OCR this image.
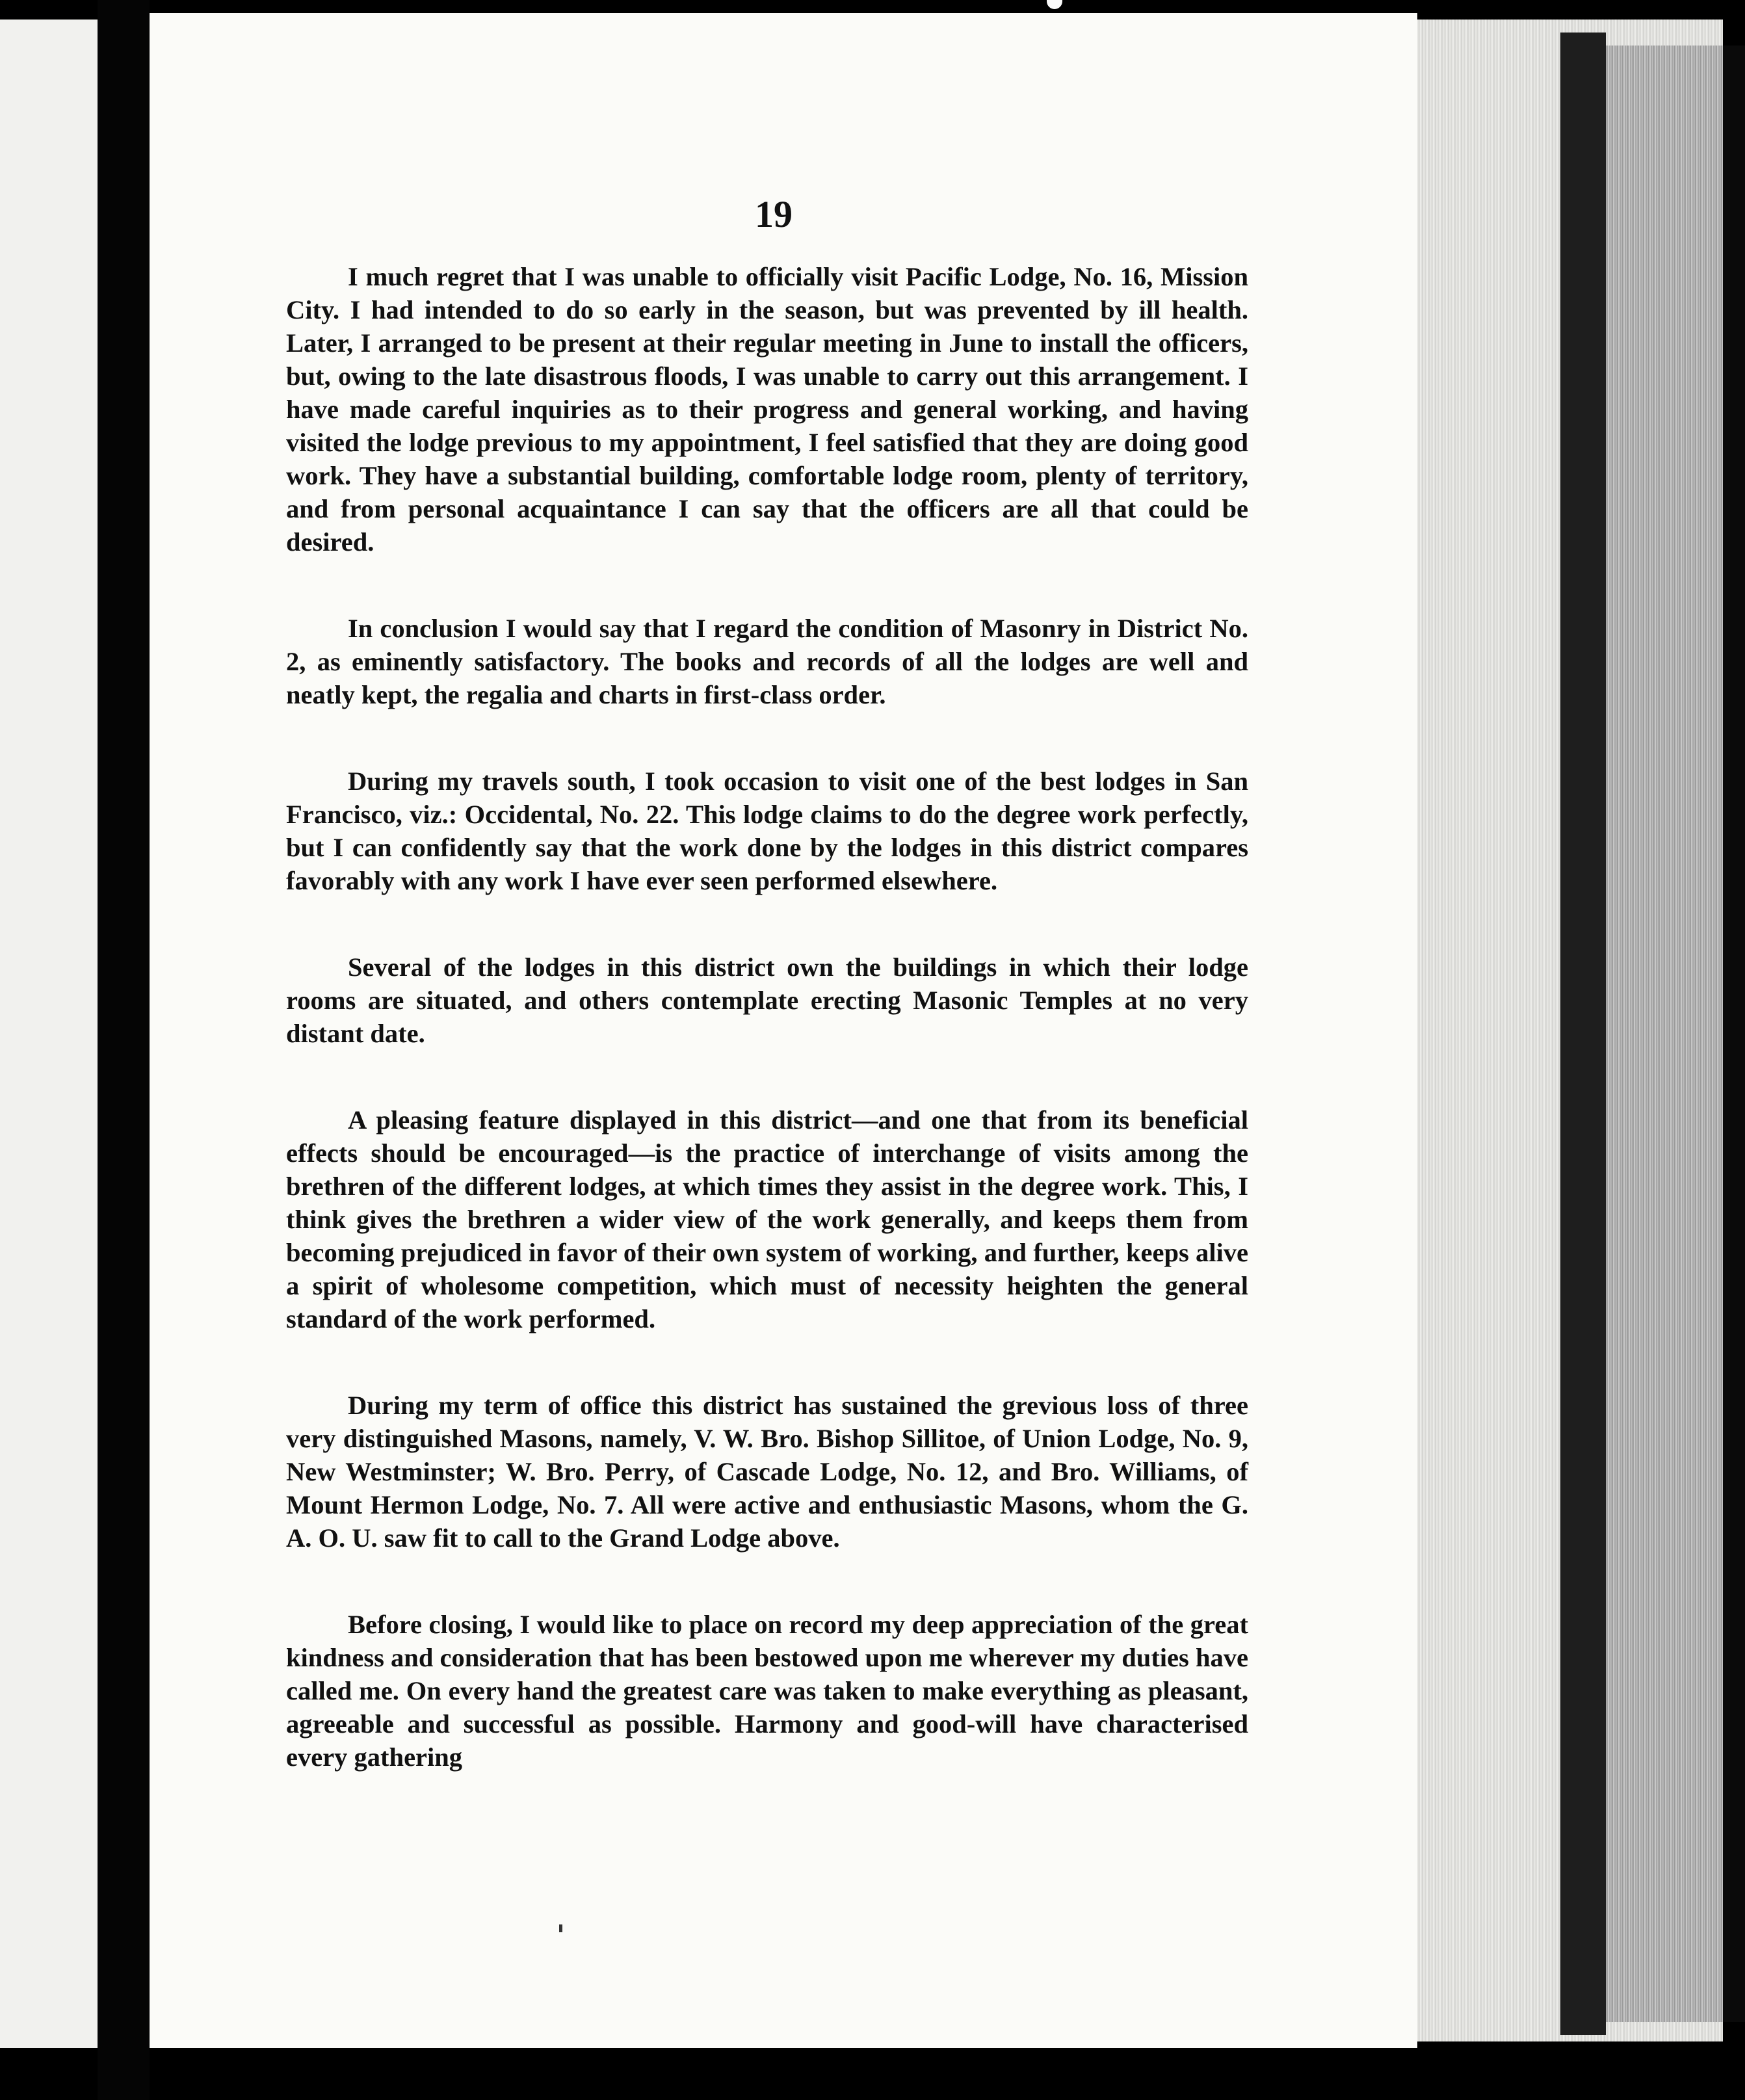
19

I much regret that I was unable to officially visit Pacific Lodge, No. 16, Mission City. I had intended to do so early in the season, but was prevented by ill health. Later, I arranged to be present at their regular meeting in June to install the officers, but, owing to the late disastrous floods, I was unable to carry out this arrangement. I have made careful inquiries as to their progress and general working, and having visited the lodge previous to my appointment, I feel satisfied that they are doing good work. They have a substantial building, comfortable lodge room, plenty of territory, and from personal acquaintance I can say that the officers are all that could be desired.

In conclusion I would say that I regard the condition of Masonry in District No. 2, as eminently satisfactory. The books and records of all the lodges are well and neatly kept, the regalia and charts in first-class order.

During my travels south, I took occasion to visit one of the best lodges in San Francisco, viz.: Occidental, No. 22. This lodge claims to do the degree work perfectly, but I can confidently say that the work done by the lodges in this district compares favorably with any work I have ever seen performed elsewhere.

Several of the lodges in this district own the buildings in which their lodge rooms are situated, and others contemplate erecting Masonic Temples at no very distant date.

A pleasing feature displayed in this district—and one that from its beneficial effects should be encouraged—is the practice of interchange of visits among the brethren of the different lodges, at which times they assist in the degree work. This, I think gives the brethren a wider view of the work generally, and keeps them from becoming prejudiced in favor of their own system of working, and further, keeps alive a spirit of wholesome competition, which must of necessity heighten the general standard of the work performed.

During my term of office this district has sustained the grevious loss of three very distinguished Masons, namely, V. W. Bro. Bishop Sillitoe, of Union Lodge, No. 9, New Westminster; W. Bro. Perry, of Cascade Lodge, No. 12, and Bro. Williams, of Mount Hermon Lodge, No. 7. All were active and enthusiastic Masons, whom the G. A. O. U. saw fit to call to the Grand Lodge above.

Before closing, I would like to place on record my deep appreciation of the great kindness and consideration that has been bestowed upon me wherever my duties have called me. On every hand the greatest care was taken to make everything as pleasant, agreeable and successful as possible. Harmony and good-will have characterised every gathering
